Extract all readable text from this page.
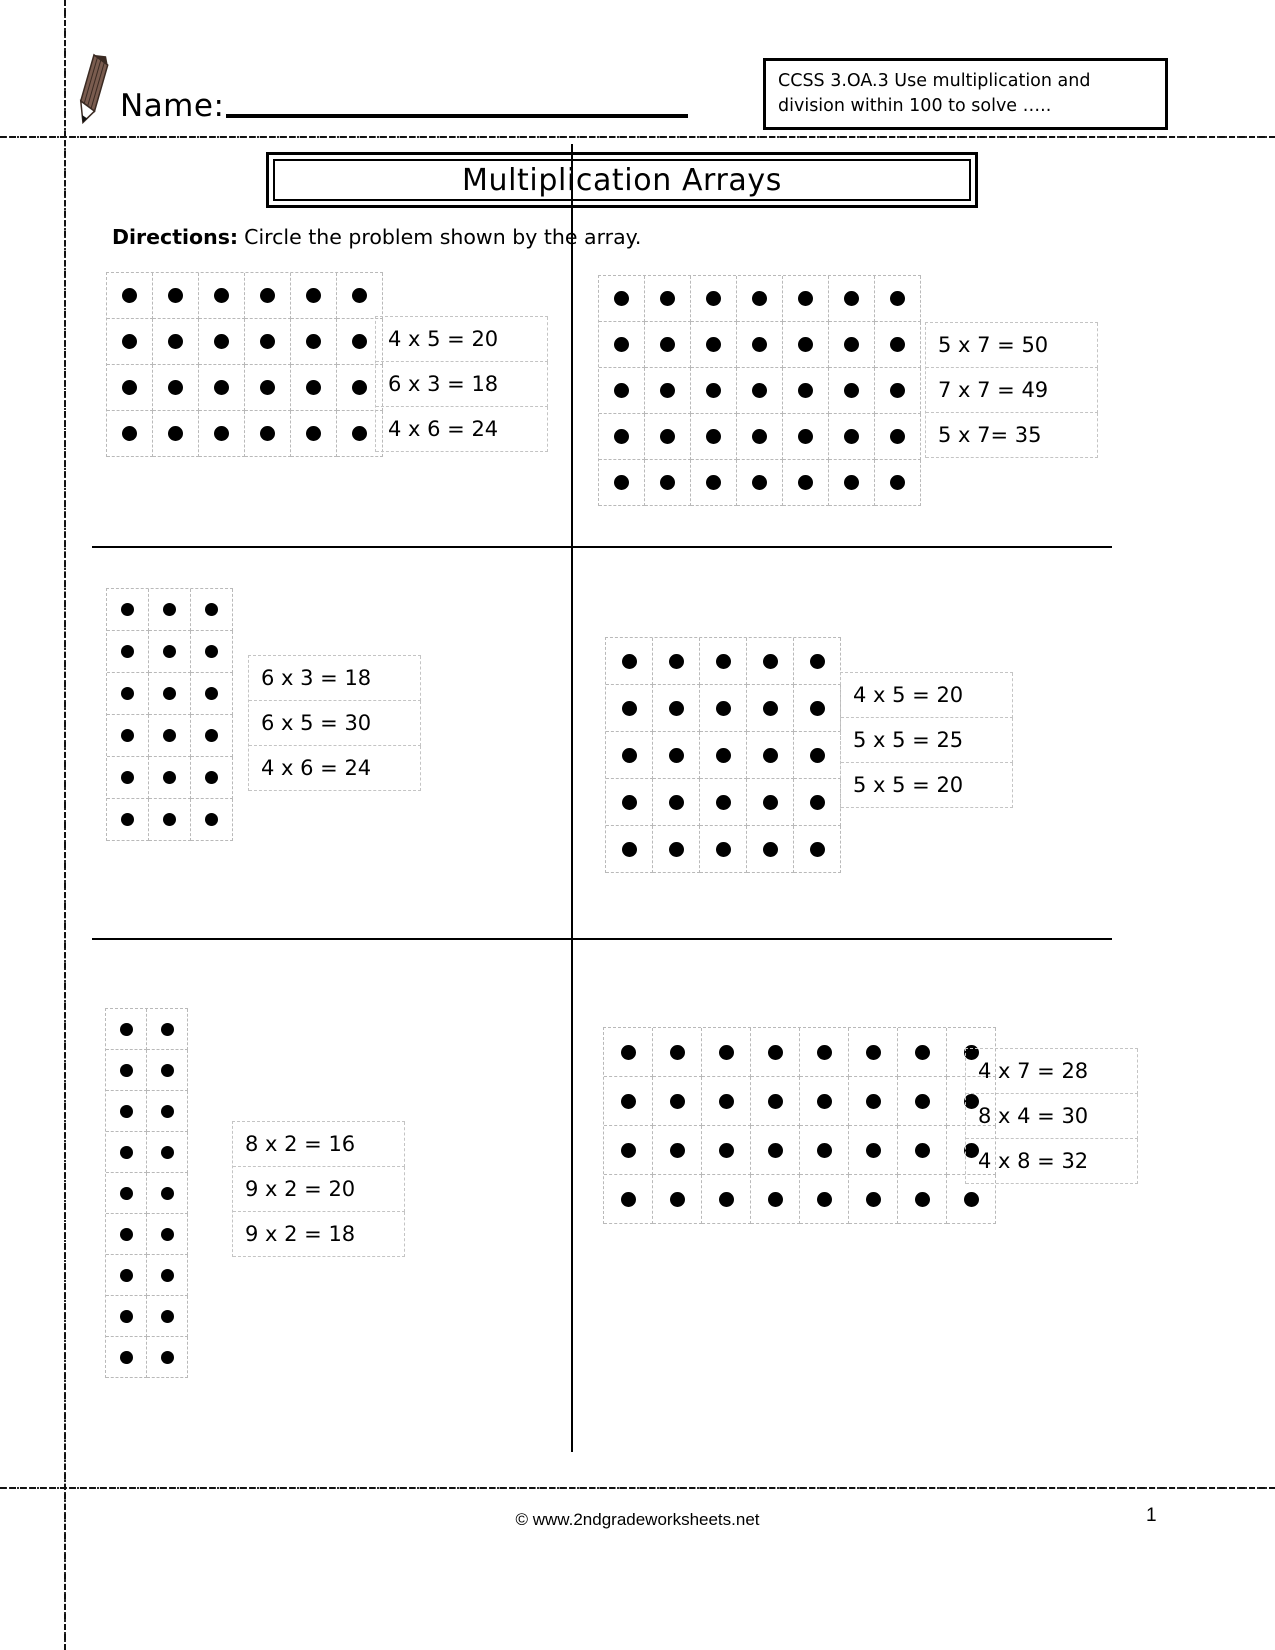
Name:
CCSS 3.OA.3 Use multiplication and division within 100 to solve …..
Multiplication Arrays
Directions: Circle the problem shown by the array.
4 x 5 = 20
6 x 3 = 18
4 x 6 = 24
5 x 7 = 50
7 x 7 = 49
5 x 7= 35
6 x 3 = 18
6 x 5 = 30
4 x 6 = 24
4 x 5 = 20
5 x 5 = 25
5 x 5 = 20
8 x 2 = 16
9 x 2 = 20
9 x 2 = 18
4 x 7 = 28
8 x 4 = 30
4 x 8 = 32
© www.2ndgradeworksheets.net	1
